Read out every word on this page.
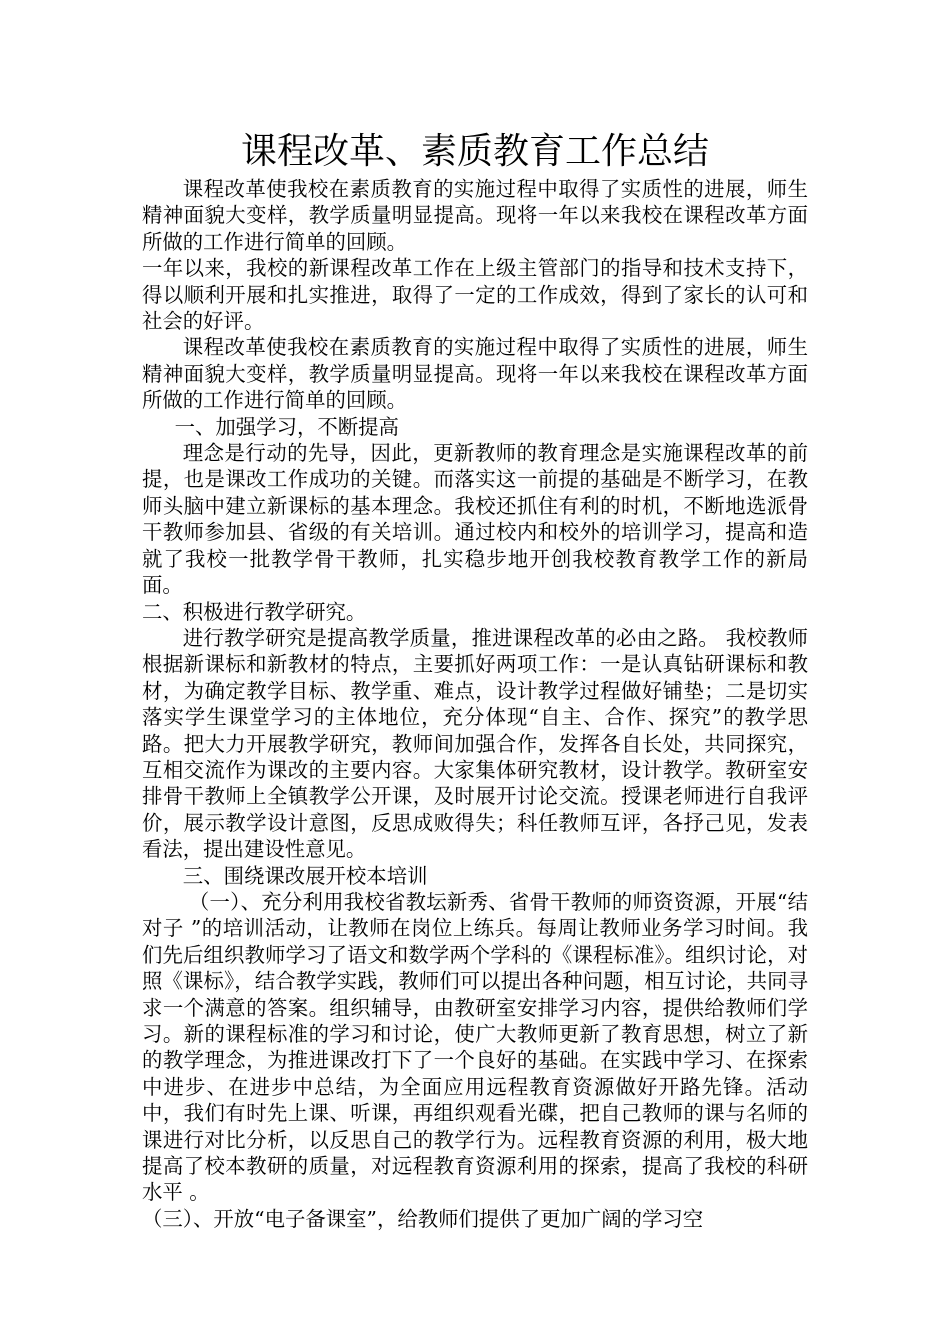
课程改革、素质教育工作总结

课程改革使我校在素质教育的实施过程中取得了实质性的进展，师生精神面貌大变样，教学质量明显提高。现将一年以来我校在课程改革方面所做的工作进行简单的回顾。

一年以来，我校的新课程改革工作在上级主管部门的指导和技术支持下，得以顺利开展和扎实推进，取得了一定的工作成效，得到了家长的认可和社会的好评。

课程改革使我校在素质教育的实施过程中取得了实质性的进展，师生精神面貌大变样，教学质量明显提高。现将一年以来我校在课程改革方面所做的工作进行简单的回顾。

一、加强学习，不断提高

理念是行动的先导，因此，更新教师的教育理念是实施课程改革的前提，也是课改工作成功的关键。而落实这一前提的基础是不断学习，在教师头脑中建立新课标的基本理念。我校还抓住有利的时机，不断地选派骨干教师参加县、省级的有关培训。通过校内和校外的培训学习，提高和造就了我校一批教学骨干教师，扎实稳步地开创我校教育教学工作的新局面。

二、积极进行教学研究。

进行教学研究是提高教学质量，推进课程改革的必由之路。 我校教师根据新课标和新教材的特点，主要抓好两项工作：一是认真钻研课标和教材，为确定教学目标、教学重、难点，设计教学过程做好铺垫；二是切实落实学生课堂学习的主体地位，充分体现“自主、合作、探究”的教学思路。把大力开展教学研究，教师间加强合作，发挥各自长处，共同探究，互相交流作为课改的主要内容。大家集体研究教材，设计教学。教研室安排骨干教师上全镇教学公开课，及时展开讨论交流。授课老师进行自我评价，展示教学设计意图，反思成败得失；科任教师互评，各抒己见，发表看法，提出建设性意见。

三、围绕课改展开校本培训

（一）、充分利用我校省教坛新秀、省骨干教师的师资资源，开展“结对子 ”的培训活动，让教师在岗位上练兵。每周让教师业务学习时间。我们先后组织教师学习了语文和数学两个学科的《课程标准》。组织讨论，对照《课标》，结合教学实践，教师们可以提出各种问题，相互讨论，共同寻求一个满意的答案。组织辅导，由教研室安排学习内容，提供给教师们学习。新的课程标准的学习和讨论，使广大教师更新了教育思想，树立了新的教学理念，为推进课改打下了一个良好的基础。在实践中学习、在探索中进步、在进步中总结，为全面应用远程教育资源做好开路先锋。活动中，我们有时先上课、听课，再组织观看光碟，把自己教师的课与名师的课进行对比分析，以反思自己的教学行为。远程教育资源的利用，极大地提高了校本教研的质量，对远程教育资源利用的探索，提高了我校的科研水平 。

（三）、开放“电子备课室”，给教师们提供了更加广阔的学习空
